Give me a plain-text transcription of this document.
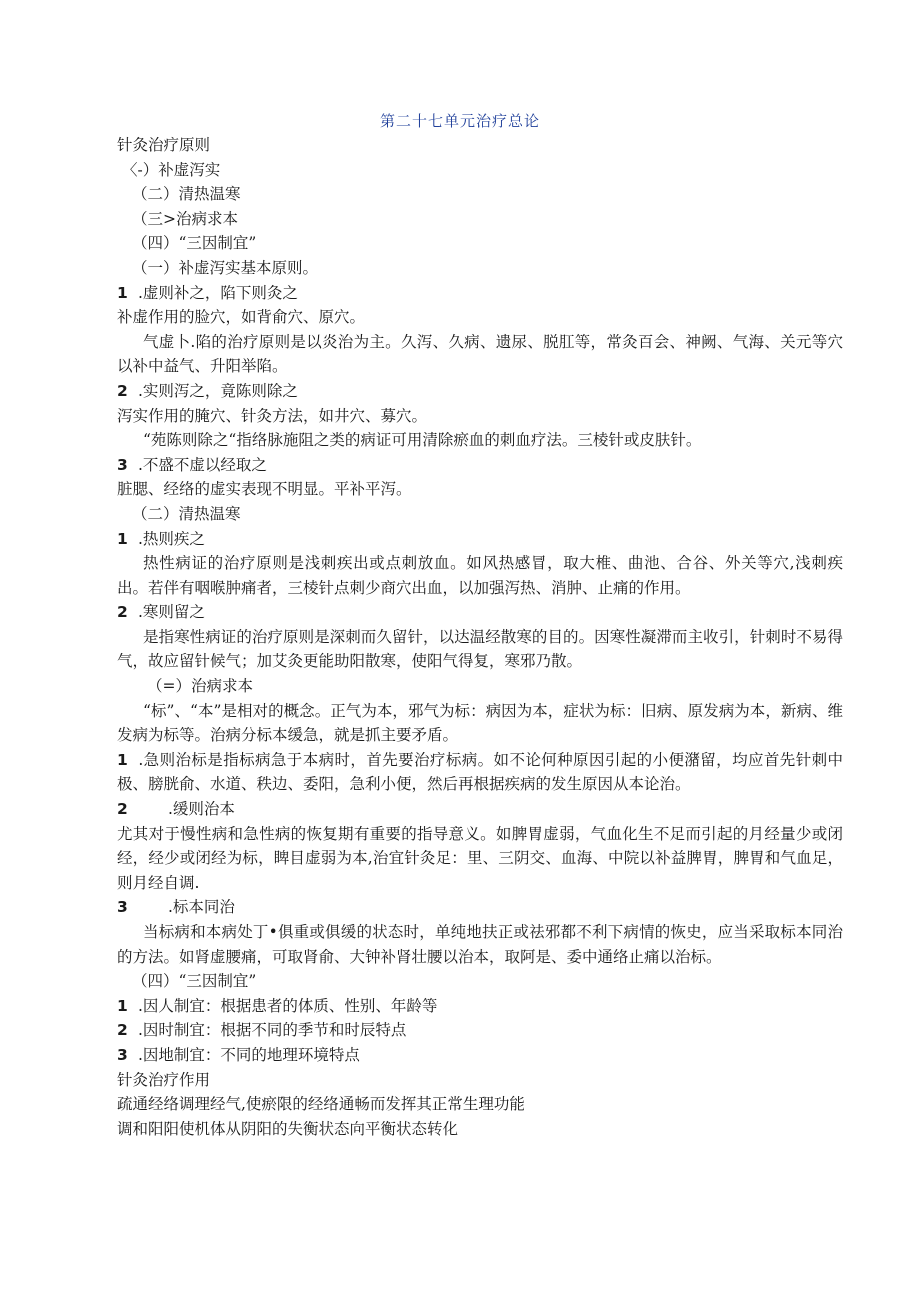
第二十七单元治疗总论

针灸治疗原则

〈-）补虚泻实

（二）清热温寒

（三>治病求本

（四）“三因制宜”

（一）补虚泻实基本原则。

1 .虚则补之，陷下则灸之

补虚作用的脸穴，如背俞穴、原穴。

气虚卜.陷的治疗原则是以炎治为主。久泻、久病、遗尿、脱肛等，常灸百会、神阙、气海、关元等穴以补中益气、升阳举陷。

2 .实则泻之，竟陈则除之

泻实作用的腌穴、针灸方法，如井穴、募穴。

“苑陈则除之“指络脉施阻之类的病证可用清除瘀血的刺血疗法。三棱针或皮肤针。

3 .不盛不虚以经取之

脏腮、经络的虚实表现不明显。平补平泻。

（二）清热温寒

1 .热则疾之

热性病证的治疗原则是浅刺疾出或点刺放血。如风热感冒，取大椎、曲池、合谷、外关等穴,浅刺疾出。若伴有咽喉肿痛者，三棱针点刺少商穴出血，以加强泻热、消肿、止痛的作用。

2 .寒则留之

是指寒性病证的治疗原则是深刺而久留针，以达温经散寒的目的。因寒性凝滞而主收引，针刺时不易得气，故应留针候气；加艾灸更能助阳散寒，使阳气得复，寒邪乃散。

（=）治病求本

“标”、“本”是相对的概念。正气为本，邪气为标：病因为本，症状为标：旧病、原发病为本，新病、维发病为标等。治病分标本缓急，就是抓主要矛盾。

1 .急则治标是指标病急于本病时，首先要治疗标病。如不论何种原因引起的小便潴留，均应首先针刺中极、膀胱俞、水道、秩边、委阳，急利小便，然后再根据疾病的发生原因从本论治。

2	.缓则治本

尤其对于慢性病和急性病的恢复期有重要的指导意义。如脾胃虚弱，气血化生不足而引起的月经量少或闭经，经少或闭经为标，睥目虚弱为本,治宜针灸足：里、三阴交、血海、中院以补益脾胃，脾胃和气血足，则月经自调.

3	.标本同治

当标病和本病处丁•俱重或俱缓的状态时，单纯地扶正或祛邪都不利下病情的恢史，应当采取标本同治的方法。如肾虚腰痛，可取肾俞、大钟补肾壮腰以治本，取阿是、委中通络止痛以治标。

（四）“三因制宜”

1 .因人制宜：根据患者的体质、性别、年龄等

2 .因时制宜：根据不同的季节和时辰特点

3 .因地制宜：不同的地理环境特点

针灸治疗作用

疏通经络调理经气,使瘀限的经络通畅而发挥其正常生理功能

调和阳阳使机体从阴阳的失衡状态向平衡状态转化
